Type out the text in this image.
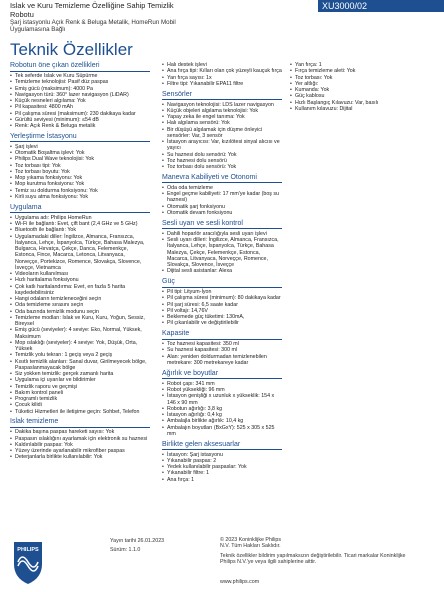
XU3000/02
Islak ve Kuru Temizleme Özelliğine Sahip Temizlik
Robotu
Şarj istasyonlu Açık Renk & Beluga Metalik, HomeRun Mobil
Uygulamasına Bağlı
Teknik Özellikler
Robotun öne çıkan özellikleri
• Tek seferde Islak ve Kuru Süpürme
• Temizleme teknolojisi: Pasif düz paspas
• Emiş gücü (maksimum): 4000 Pa
• Navigasyon türü: 360° lazer navigasyon (LiDAR)
• Küçük nesneleri algılama: Yok
• Pil kapasitesi: 4800 mAh
• Pil çalışma süresi (maksimum): 230 dakikaya kadar
• Gürültü seviyesi (minimum): ≤54 dB
• Renk: Açık Renk & Beluga metalik
Yerleştirme İstasyonu
• Şarj işlevi
• Otomatik Boşaltma işlevi: Yok
• Philips Dual Wave teknolojisi: Yok
• Toz torbası tipi: Yok
• Toz torbası boyutu: Yok
• Mop yıkama fonksiyonu: Yok
• Mop kurutma fonksiyonu: Yok
• Temiz su doldurma fonksiyonu: Yok
• Kirli suyu atma fonksiyonu: Yok
Uygulama
• Uygulama adı: Philips HomeRun
• Wi-Fi ile bağlantı: Evet, çift bant (2,4 GHz ve 5 GHz)
• Bluetooth ile bağlantı: Yok
• Uygulamadaki diller: İngilizce, Almanca, Fransızca, İtalyanca, Lehçe, İspanyolca, Türkçe, Bahasa Malezya, Bulgarca, Hırvatça, Çekçe, Danca, Felemenkçe, Estonca, Fince, Macarca, Letonca, Litvanyaca, Norveççe, Portekizce, Romence, Slovakça, Slovence, İsveççe, Vietnamca
• Videoların kullanılması
• Hızlı haritalama fonksiyonu
• Çok katlı haritalandırma: Evet, en fazla 5 harita kaydedebilirsiniz
• Hangi odaların temizleneceğini seçin
• Oda temizleme sırasını seçin
• Oda bazında temizlik modunu seçin
• Temizleme modları: Islak ve Kuru, Kuru, Yoğun, Sessiz, Bireysel
• Emiş gücü (seviyeler): 4 seviye: Eko, Normal, Yüksek, Maksimum
• Mop ıslaklığı (seviyeler): 4 seviye: Yok, Düşük, Orta, Yüksek
• Temizlik yolu tekrarı: 1 geçiş veya 2 geçiş
• Kısıtlı temizlik alanları: Sanal duvar, Girilmeyecek bölge, Paspaslanmayacak bölge
• Siz yokken temizlik: gerçek zamanlı harita
• Uygulama içi uyarılar ve bildirimler
• Temizlik raporu ve geçmişi
• Bakım kontrol paneli
• Programlı temizlik
• Çocuk kilidi
• Tüketici Hizmetleri ile iletişime geçin: Sohbet, Telefon
Islak temizleme
• Dakika başına paspas hareketi sayısı: Yok
• Paspasın ıslaklığını ayarlamak için elektronik su haznesi
• Kaldırılabilir paspas: Yok
• Yüzey üzerinde ayarlanabilir mikrofiber paspas
• Deterjanlarla birlikte kullanılabilir: Yok
• Halı destek işlevi
• Ana fırça tipi: Kılları olan çok yüzeyli kauçuk fırça
• Yan fırça sayısı: 1x
• Filtre tipi: Yıkanabilir EPA11 filtre
Sensörler
• Navigasyon teknolojisi: LDS lazer navigasyon
• Küçük objeleri algılama teknolojisi: Yok
• Yapay zeka ile engel tanıma: Yok
• Halı algılama sensörü: Yok
• Bir düşüşü algılamak için düşme önleyici sensörler: Var, 3 sensör
• İstasyon arayıcısı: Var, kızılötesi sinyal alıcısı ve yayıcı
• Su haznesi dolu sensörü: Yok
• Toz haznesi dolu sensörü
• Toz torbası dolu sensörü: Yok
Manevra Kabiliyeti ve Otonomi
• Oda oda temizleme
• Engel geçme kabiliyeti: 17 mm'ye kadar (boş su haznesi)
• Otomatik şarj fonksiyonu
• Otomatik devam fonksiyonu
Sesli uyarı ve sesli kontrol
• Dahili hoparlör aracılığıyla sesli uyarı işlevi
• Sesli uyarı dilleri: İngilizce, Almanca, Fransızca, İtalyanca, Lehçe, İspanyolca, Türkçe, Bahasa Malezya, Çekçe, Felemenkçe, Estonca, Macarca, Litvanyaca, Norveççe, Romence, Slovakça, Slovence, İsveççe
• Dijital sesli asistanlar: Alexa
Güç
• Pil tipi: Lityum-İyon
• Pil çalışma süresi (minimum): 80 dakikaya kadar
• Pil şarj süresi: 6,5 saate kadar
• Pil voltajı: 14,76V
• Beklemede güç tüketimi: 130mA,
• Pil çıkarılabilir ve değiştirilebilir
Kapasite
• Toz haznesi kapasitesi: 350 ml
• Su haznesi kapasitesi: 300 ml
• Alan: yeniden doldurmadan temizlenebilen metrekare: 300 metrekareye kadar
Ağırlık ve boyutlar
• Robot çapı: 341 mm
• Robot yüksekliği: 96 mm
• İstasyon genişliği x uzunluk x yükseklik: 154 x 146 x 90 mm
• Robotun ağırlığı: 3,8 kg
• İstasyon ağırlığı: 0,4 kg
• Ambalajla birlikte ağırlık: 10,4 kg
• Ambalajın boyutları (BxGxY): 525 x 305 x 525 mm
Birlikte gelen aksesuarlar
• İstasyon: Şarj istasyonu
• Yıkanabilir paspas: 2
• Yedek kullanılabilir paspaslar: Yok
• Yıkanabilir filtre: 1
• Ana fırça: 1
• Yan fırça: 1
• Fırça temizleme aleti: Yok
• Toz torbası: Yok
• Yer altlığı:
• Kumanda: Yok
• Güç kablosu
• Hızlı Başlangıç Kılavuzu: Var, basılı
• Kullanım kılavuzu: Dijital
PHILIPS
Yayın tarihi 26.01.2023
Sürüm: 1.1.0

© 2023 Koninklijke Philips
N.V. Tüm Hakları Saklıdır.

Teknik özellikler bildirim yapılmaksızın değiştirilebilir. Ticari markalar Koninklijke Philips N.V.'ye veya ilgili sahiplerine aittir.

www.philips.com
